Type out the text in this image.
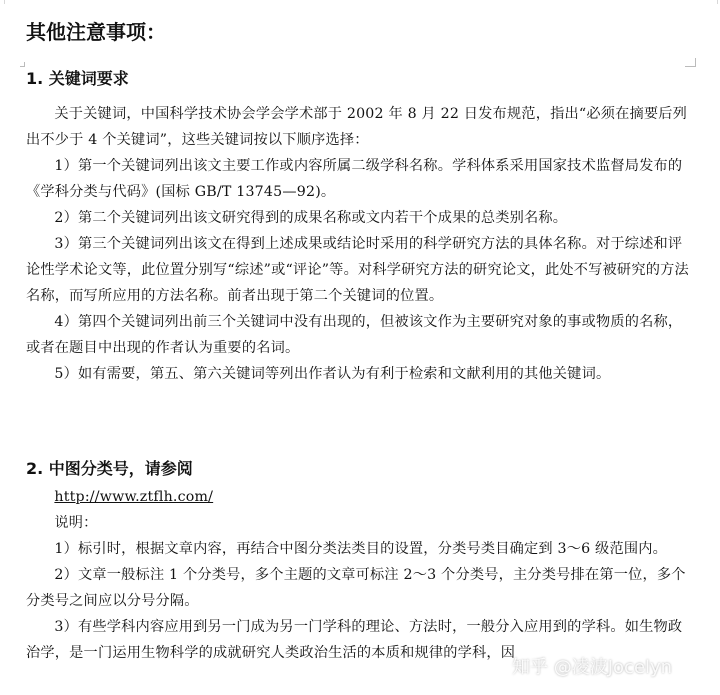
其他注意事项：
1. 关键词要求

关于关键词，中国科学技术协会学会学术部于 2002 年 8 月 22 日发布规范，指出“必须在摘要后列出不少于 4 个关键词”，这些关键词按以下顺序选择：

1）第一个关键词列出该文主要工作或内容所属二级学科名称。学科体系采用国家技术监督局发布的《学科分类与代码》(国标 GB/T 13745—92)。

2）第二个关键词列出该文研究得到的成果名称或文内若干个成果的总类别名称。

3）第三个关键词列出该文在得到上述成果或结论时采用的科学研究方法的具体名称。对于综述和评论性学术论文等，此位置分别写“综述”或“评论”等。对科学研究方法的研究论文，此处不写被研究的方法名称，而写所应用的方法名称。前者出现于第二个关键词的位置。

4）第四个关键词列出前三个关键词中没有出现的，但被该文作为主要研究对象的事或物质的名称，或者在题目中出现的作者认为重要的名词。

5）如有需要，第五、第六关键词等列出作者认为有利于检索和文献利用的其他关键词。

2. 中图分类号，请参阅

http://www.ztflh.com/

说明：

1）标引时，根据文章内容，再结合中图分类法类目的设置，分类号类目确定到 3～6 级范围内。

2）文章一般标注 1 个分类号，多个主题的文章可标注 2～3 个分类号，主分类号排在第一位，多个分类号之间应以分号分隔。

3）有些学科内容应用到另一门成为另一门学科的理论、方法时，一般分入应用到的学科。如生物政治学，是一门运用生物科学的成就研究人类政治生活的本质和规律的学科，因

知乎 @凌波Jocelyn
